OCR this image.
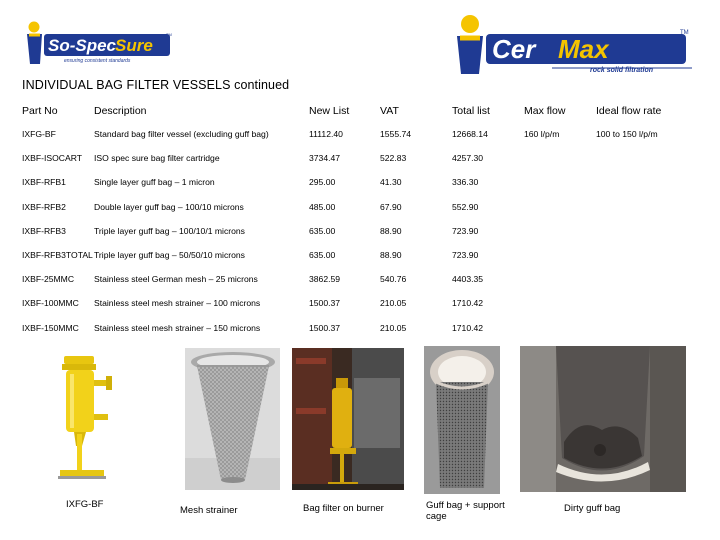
So-Spec
Sure
TM
ensuring consistent standards	Cer Max
TM
rock solid filtration
INDIVIDUAL BAG FILTER VESSELS continued
Part No	Description	New List	VAT	Total list	Max flow	Ideal flow rate
IXFG-BF	Standard bag filter vessel (excluding guff bag)	11112.40	1555.74	12668.14	160 l/p/m	100 to 150 l/p/m
IXBF-ISOCART	ISO spec sure bag filter cartridge	3734.47	522.83	4257.30		
IXBF-RFB1	Single layer guff bag – 1 micron	295.00	41.30	336.30		
IXBF-RFB2	Double layer guff bag – 100/10 microns	485.00	67.90	552.90		
IXBF-RFB3	Triple layer guff bag – 100/10/1 microns	635.00	88.90	723.90		
IXBF-RFB3TOTAL	Triple layer guff bag – 50/50/10 microns	635.00	88.90	723.90		
IXBF-25MMC	Stainless steel German mesh – 25 microns	3862.59	540.76	4403.35		
IXBF-100MMC	Stainless steel mesh strainer – 100 microns	1500.37	210.05	1710.42		
IXBF-150MMC	Stainless steel mesh strainer – 150 microns	1500.37	210.05	1710.42		
IXFG-BF
Mesh strainer	Bag filter on burner	Guff bag + support cage
Dirty guff bag
